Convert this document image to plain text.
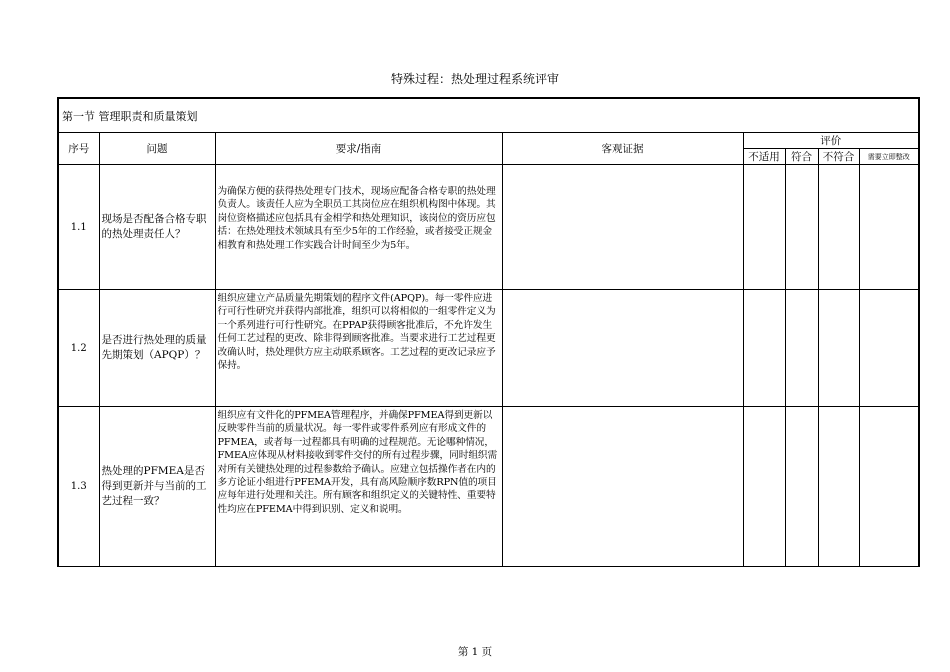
特殊过程：热处理过程系统评审
第一节 管理职责和质量策划							
序号	问题	要求/指南	客观证据	评价			
				不适用	符合	不符合	需要立即整改
1.1	现场是否配备合格专职的热处理责任人？	为确保方便的获得热处理专门技术，现场应配备合格专职的热处理负责人。该责任人应为全职员工其岗位应在组织机构图中体现。其岗位资格描述应包括具有金相学和热处理知识，该岗位的资历应包括：在热处理技术领域具有至少5年的工作经验，或者接受正规金相教育和热处理工作实践合计时间至少为5年。					
1.2	是否进行热处理的质量先期策划（APQP）？	组织应建立产品质量先期策划的程序文件(APQP)。每一零件应进行可行性研究并获得内部批准，组织可以将相似的一组零件定义为一个系列进行可行性研究。在PPAP获得顾客批准后，不允许发生任何工艺过程的更改、除非得到顾客批准。当要求进行工艺过程更改确认时，热处理供方应主动联系顾客。工艺过程的更改记录应予保持。					
1.3	热处理的PFMEA是否得到更新并与当前的工艺过程一致？	组织应有文件化的PFMEA管理程序，并确保PFMEA得到更新以反映零件当前的质量状况。每一零件或零件系列应有形成文件的PFMEA，或者每一过程都具有明确的过程规范。无论哪种情况，FMEA应体现从材料接收到零件交付的所有过程步骤，同时组织需对所有关键热处理的过程参数给予确认。应建立包括操作者在内的多方论证小组进行PFEMA开发，具有高风险顺序数RPN值的项目应每年进行处理和关注。所有顾客和组织定义的关键特性、重要特性均应在PFEMA中得到识别、定义和说明。					
第 1 页
